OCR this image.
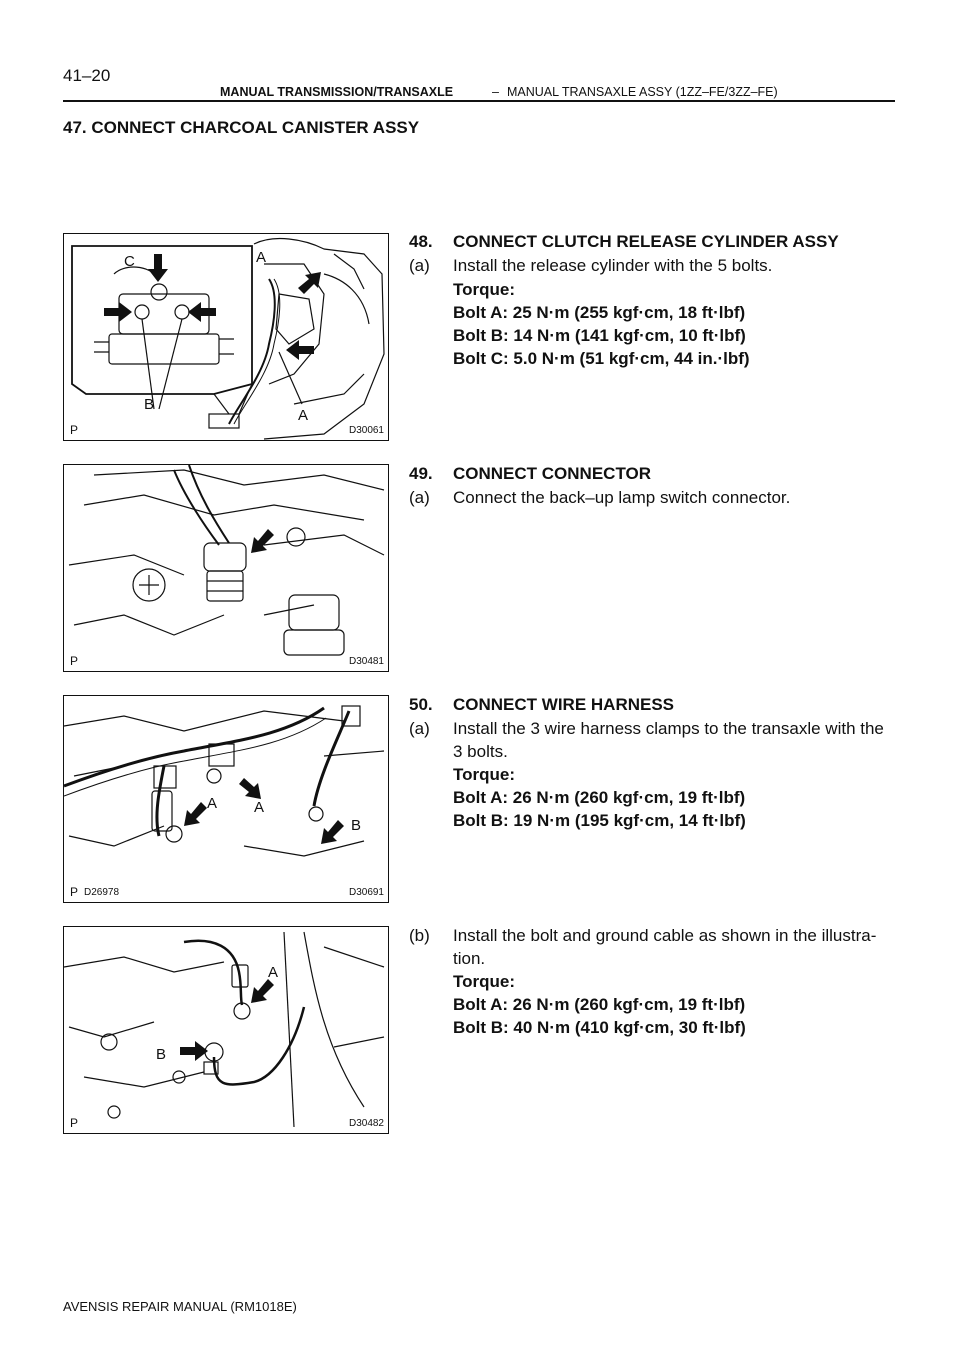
41–20
MANUAL TRANSMISSION/TRANSAXLE	– MANUAL TRANSAXLE ASSY (1ZZ–FE/3ZZ–FE)
47. CONNECT CHARCOAL CANISTER ASSY
C	A
B
A
P	D30061
48. CONNECT CLUTCH RELEASE CYLINDER ASSY
(a) Install the release cylinder with the 5 bolts.
Torque:
Bolt A: 25 N·m (255 kgf·cm, 18 ft·lbf)
Bolt B: 14 N·m (141 kgf·cm, 10 ft·lbf)
Bolt C: 5.0 N·m (51 kgf·cm, 44 in.·lbf)
P	D30481
49. CONNECT CONNECTOR
(a) Connect the back–up lamp switch connector.
A A
B
P D26978	D30691
50. CONNECT WIRE HARNESS
(a) Install the 3 wire harness clamps to the transaxle with the
3 bolts.
Torque:
Bolt A: 26 N·m (260 kgf·cm, 19 ft·lbf)
Bolt B: 19 N·m (195 kgf·cm, 14 ft·lbf)
A
B
P	D30482
(b) Install the bolt and ground cable as shown in the illustra-
tion.
Torque:
Bolt A: 26 N·m (260 kgf·cm, 19 ft·lbf)
Bolt B: 40 N·m (410 kgf·cm, 30 ft·lbf)
AVENSIS REPAIR MANUAL (RM1018E)
